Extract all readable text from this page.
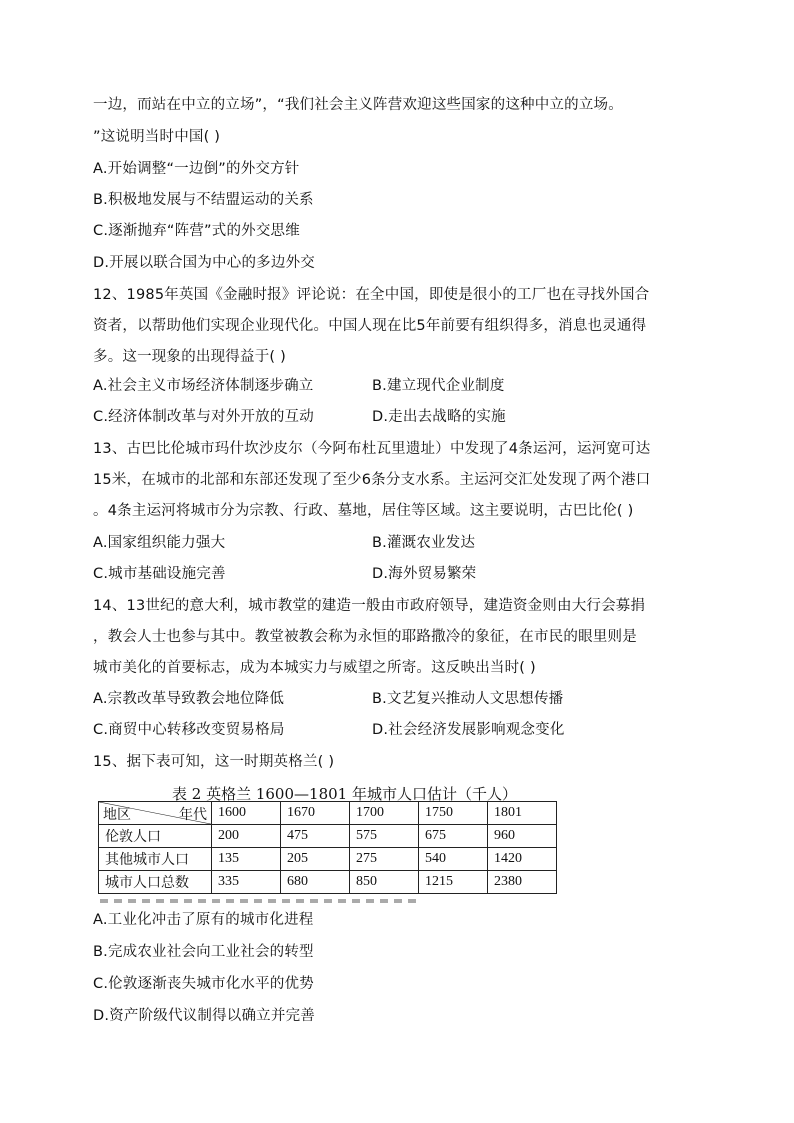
一边，而站在中立的立场”，“我们社会主义阵营欢迎这些国家的这种中立的立场。
”这说明当时中国( )
A.开始调整“一边倒”的外交方针
B.积极地发展与不结盟运动的关系
C.逐渐抛弃“阵营”式的外交思维
D.开展以联合国为中心的多边外交
12、1985年英国《金融时报》评论说：在全中国，即使是很小的工厂也在寻找外国合
资者，以帮助他们实现企业现代化。中国人现在比5年前要有组织得多，消息也灵通得
多。这一现象的出现得益于( )
A.社会主义市场经济体制逐步确立	B.建立现代企业制度
C.经济体制改革与对外开放的互动	D.走出去战略的实施
13、古巴比伦城市玛什坎沙皮尔（今阿布杜瓦里遗址）中发现了4条运河，运河宽可达
15米，在城市的北部和东部还发现了至少6条分支水系。主运河交汇处发现了两个港口
。4条主运河将城市分为宗教、行政、墓地，居住等区域。这主要说明，古巴比伦( )
A.国家组织能力强大	B.灌溉农业发达
C.城市基础设施完善	D.海外贸易繁荣
14、13世纪的意大利，城市教堂的建造一般由市政府领导，建造资金则由大行会募捐
，教会人士也参与其中。教堂被教会称为永恒的耶路撒冷的象征，在市民的眼里则是
城市美化的首要标志，成为本城实力与威望之所寄。这反映出当时( )
A.宗教改革导致教会地位降低	B.文艺复兴推动人文思想传播
C.商贸中心转移改变贸易格局	D.社会经济发展影响观念变化
15、据下表可知，这一时期英格兰( )
表 2 英格兰 1600—1801 年城市人口估计（千人）
地区 年代	1600	1670	1700	1750	1801
伦敦人口	200	475	575	675	960
其他城市人口	135	205	275	540	1420
城市人口总数	335	680	850	1215	2380
A.工业化冲击了原有的城市化进程
B.完成农业社会向工业社会的转型
C.伦敦逐渐丧失城市化水平的优势
D.资产阶级代议制得以确立并完善
